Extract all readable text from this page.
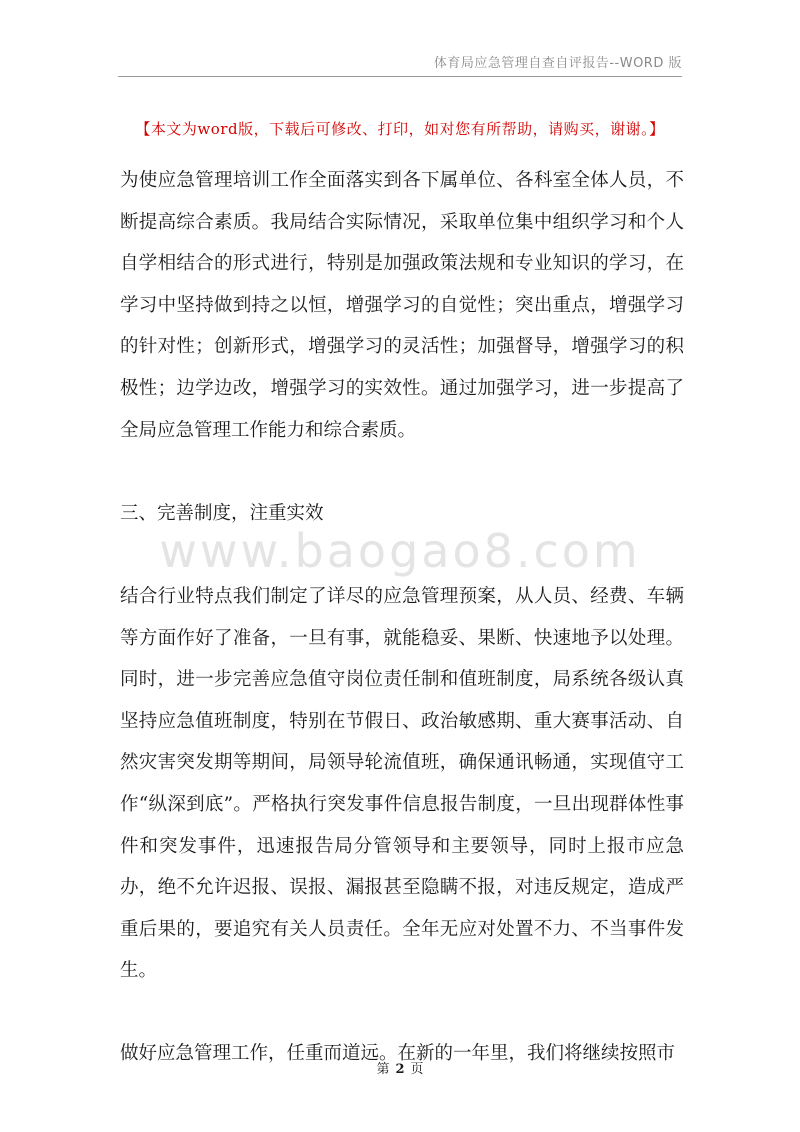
体育局应急管理自查自评报告--WORD 版
【本文为word版，下载后可修改、打印，如对您有所帮助，请购买，谢谢。】
www.baogao8.com

为使应急管理培训工作全面落实到各下属单位、各科室全体人员，不断提高综合素质。我局结合实际情况，采取单位集中组织学习和个人自学相结合的形式进行，特别是加强政策法规和专业知识的学习，在学习中坚持做到持之以恒，增强学习的自觉性；突出重点，增强学习的针对性；创新形式，增强学习的灵活性；加强督导，增强学习的积极性；边学边改，增强学习的实效性。通过加强学习，进一步提高了全局应急管理工作能力和综合素质。

三、完善制度，注重实效

结合行业特点我们制定了详尽的应急管理预案，从人员、经费、车辆等方面作好了准备，一旦有事，就能稳妥、果断、快速地予以处理。同时，进一步完善应急值守岗位责任制和值班制度，局系统各级认真坚持应急值班制度，特别在节假日、政治敏感期、重大赛事活动、自然灾害突发期等期间，局领导轮流值班，确保通讯畅通，实现值守工作“纵深到底”。严格执行突发事件信息报告制度，一旦出现群体性事件和突发事件，迅速报告局分管领导和主要领导，同时上报市应急办，绝不允许迟报、误报、漏报甚至隐瞒不报，对违反规定，造成严重后果的，要追究有关人员责任。全年无应对处置不力、不当事件发生。

做好应急管理工作，任重而道远。在新的一年里，我们将继续按照市

第 2 页
